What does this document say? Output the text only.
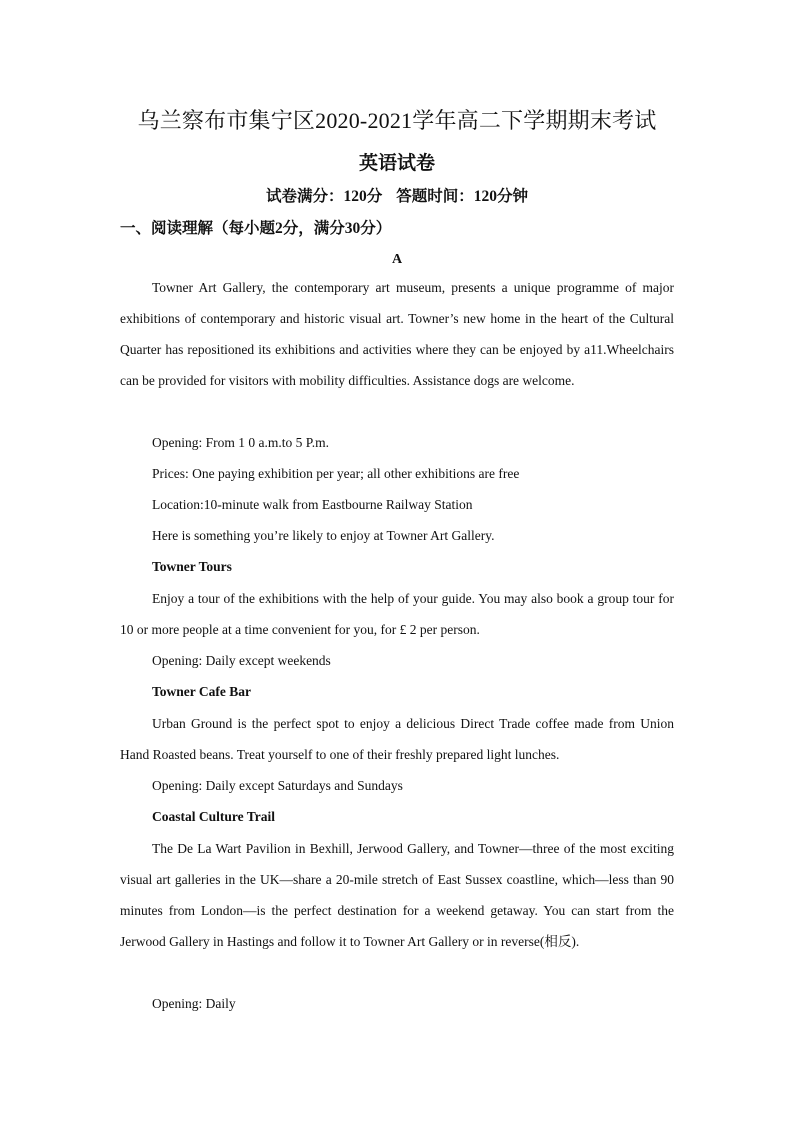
乌兰察布市集宁区2020-2021学年高二下学期期末考试
英语试卷

试卷满分：120分 答题时间：120分钟

一、阅读理解（每小题2分，满分30分）

A

Towner Art Gallery, the contemporary art museum, presents a unique programme of major exhibitions of contemporary and historic visual art. Towner’s new home in the heart of the Cultural Quarter has repositioned its exhibitions and activities where they can be enjoyed by a11.Wheelchairs can be provided for visitors with mobility difficulties. Assistance dogs are welcome.

Opening: From 1 0 a.m.to 5 P.m.

Prices: One paying exhibition per year; all other exhibitions are free

Location:10-minute walk from Eastbourne Railway Station

Here is something you’re likely to enjoy at Towner Art Gallery.

Towner Tours

Enjoy a tour of the exhibitions with the help of your guide. You may also book a group tour for 10 or more people at a time convenient for you, for £ 2 per person.

Opening: Daily except weekends

Towner Cafe Bar

Urban Ground is the perfect spot to enjoy a delicious Direct Trade coffee made from Union Hand Roasted beans. Treat yourself to one of their freshly prepared light lunches.

Opening: Daily except Saturdays and Sundays

Coastal Culture Trail

The De La Wart Pavilion in Bexhill, Jerwood Gallery, and Towner—three of the most exciting visual art galleries in the UK—share a 20-mile stretch of East Sussex coastline, which—less than 90 minutes from London—is the perfect destination for a weekend getaway. You can start from the Jerwood Gallery in Hastings and follow it to Towner Art Gallery or in reverse(相反).

Opening: Daily
